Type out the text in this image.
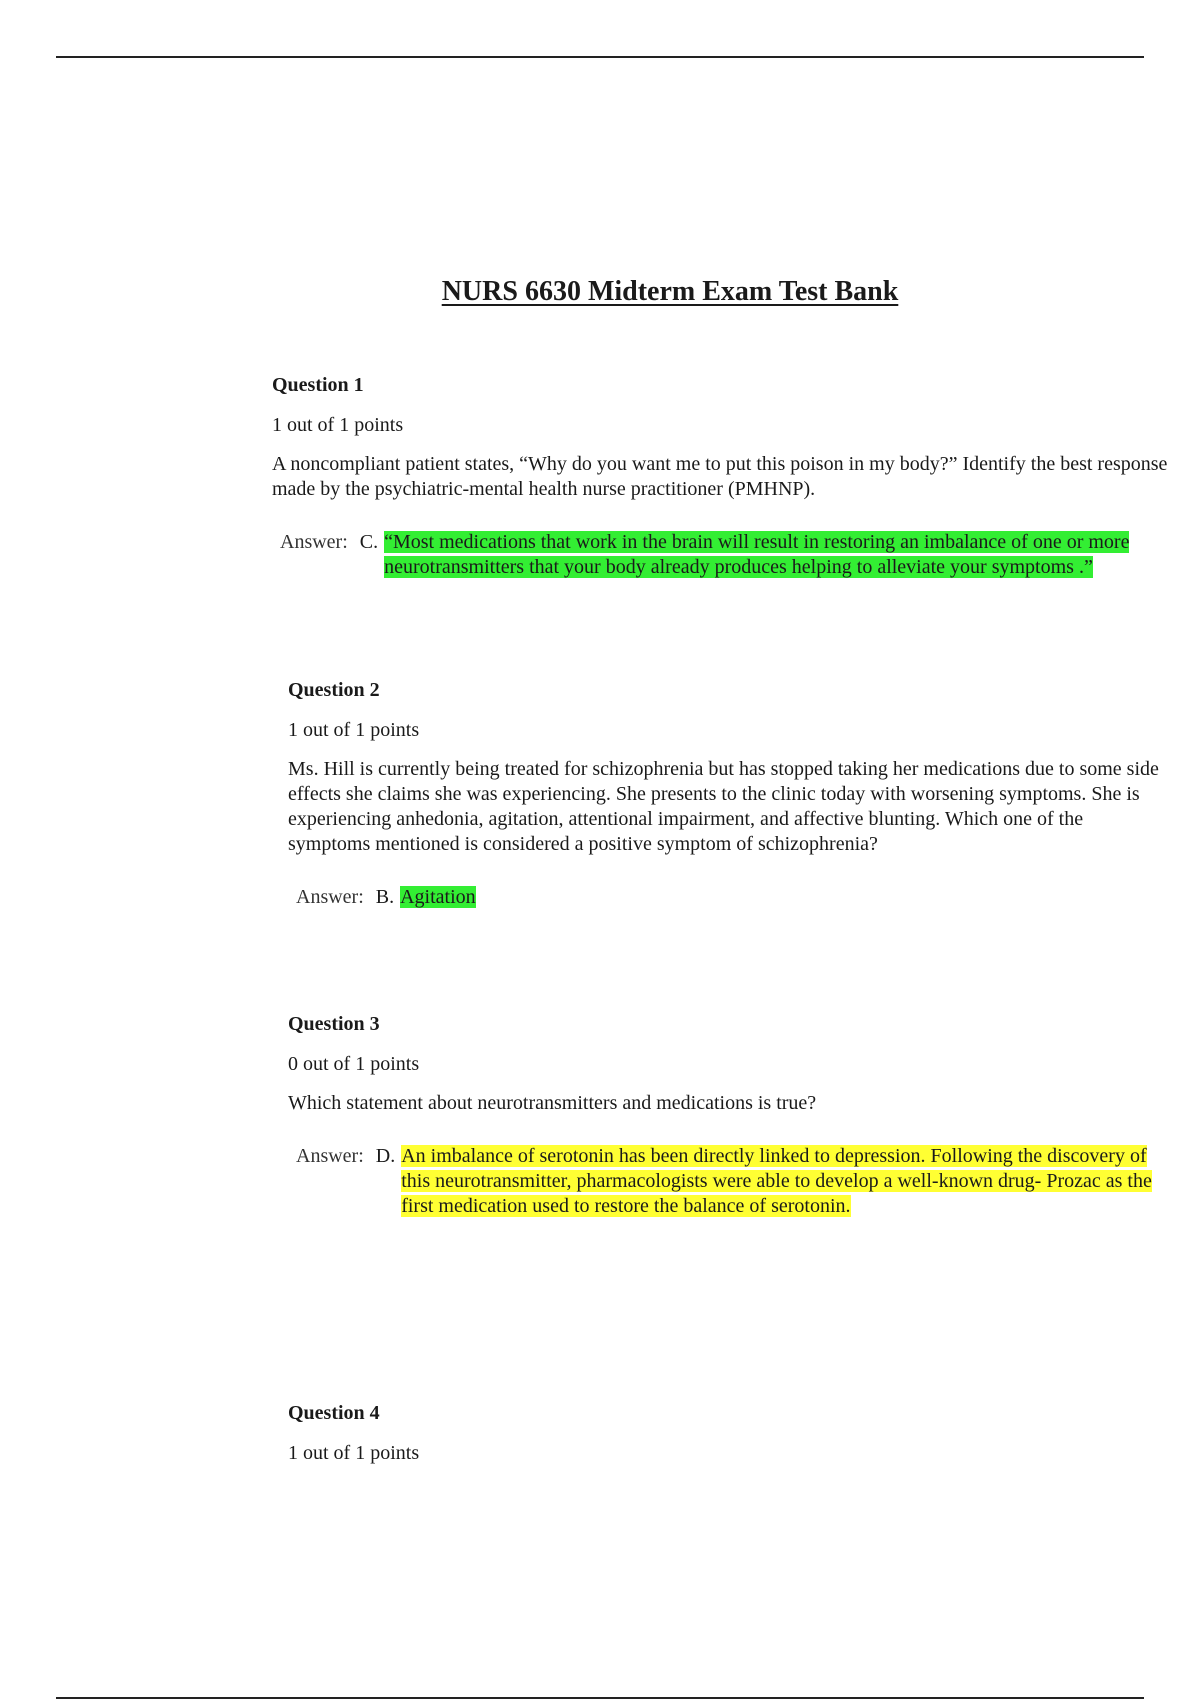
NURS 6630 Midterm Exam Test Bank
Question 1
1 out of 1 points

A noncompliant patient states, “Why do you want me to put this poison in my body?” Identify the best response made by the psychiatric-mental health nurse practitioner (PMHNP).

Answer: C. “Most medications that work in the brain will result in restoring an imbalance of one or more neurotransmitters that your body already produces helping to alleviate your symptoms .”
Question 2
1 out of 1 points

Ms. Hill is currently being treated for schizophrenia but has stopped taking her medications due to some side effects she claims she was experiencing. She presents to the clinic today with worsening symptoms. She is experiencing anhedonia, agitation, attentional impairment, and affective blunting. Which one of the symptoms mentioned is considered a positive symptom of schizophrenia?

Answer: B. Agitation
Question 3
0 out of 1 points

Which statement about neurotransmitters and medications is true?

Answer: D. An imbalance of serotonin has been directly linked to depression. Following the discovery of this neurotransmitter, pharmacologists were able to develop a well-known drug- Prozac as the first medication used to restore the balance of serotonin.
Question 4
1 out of 1 points
